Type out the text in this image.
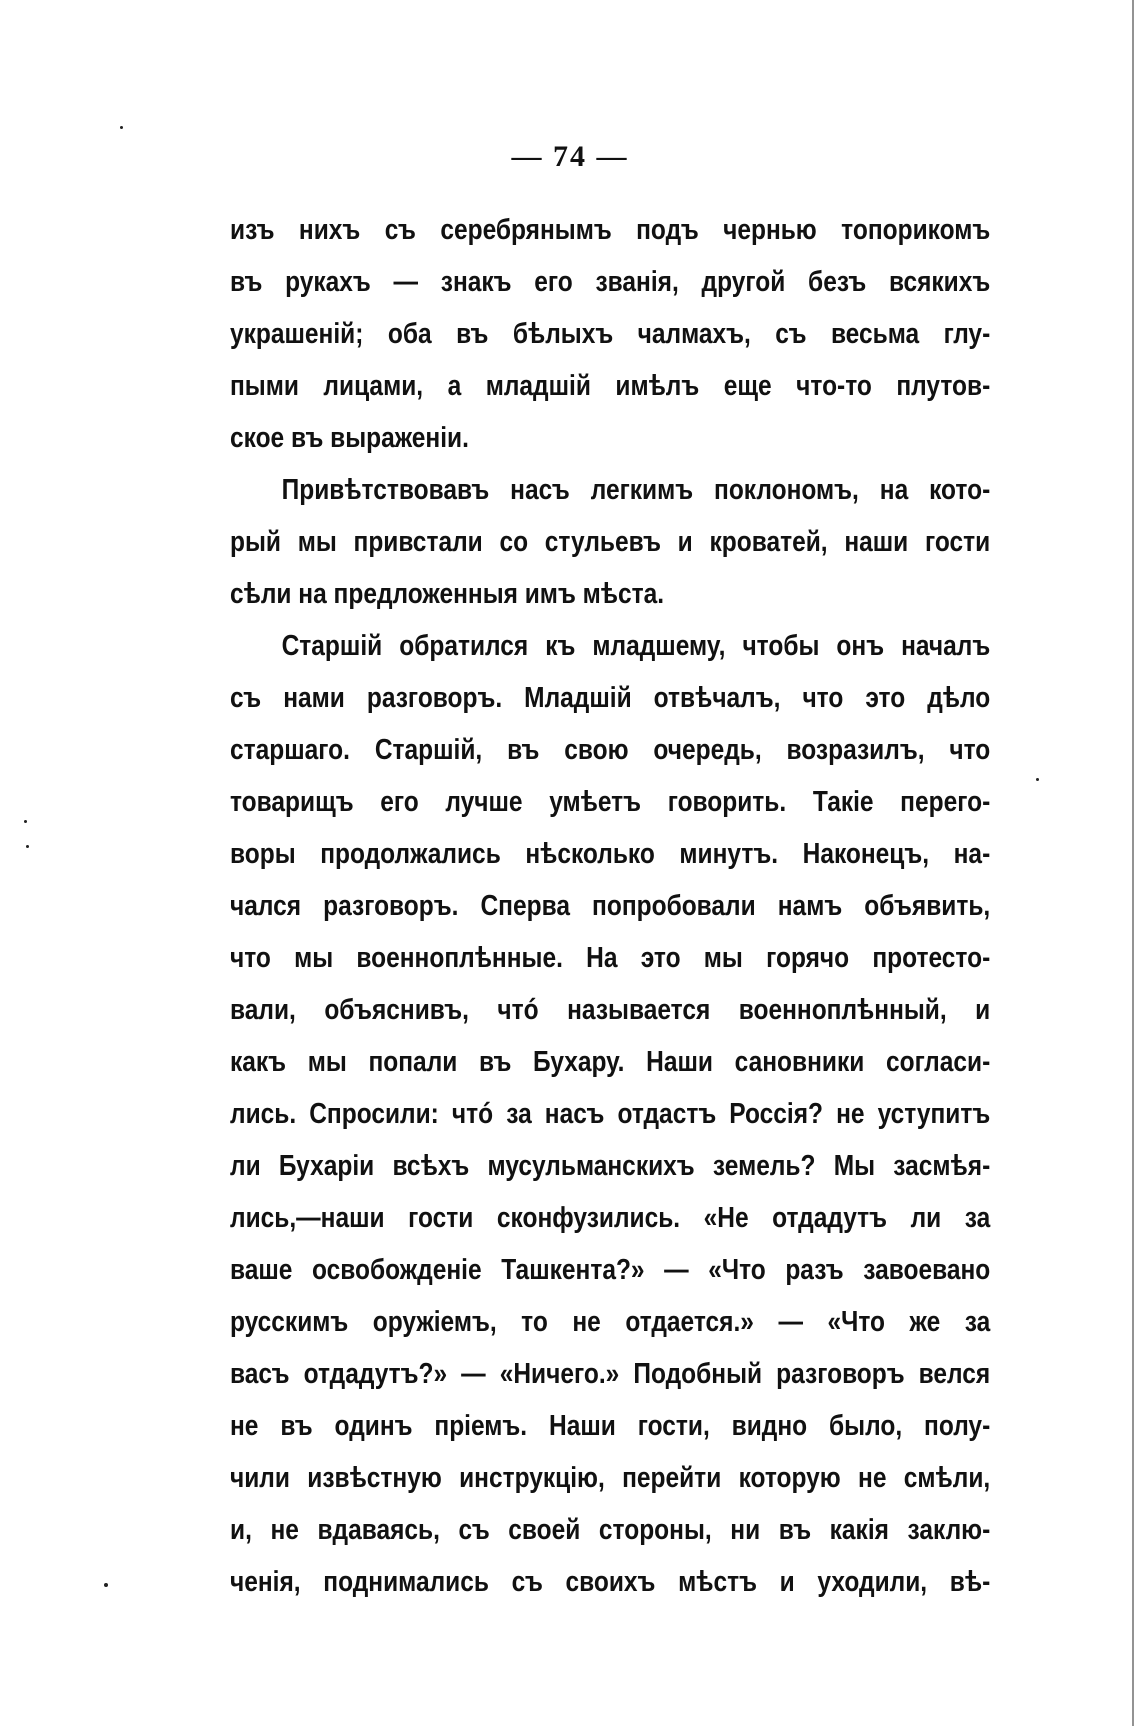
— 74 —
изъ нихъ съ серебрянымъ подъ чернью топорикомъ
въ рукахъ — знакъ его званія, другой безъ всякихъ
украшеній; оба въ бѣлыхъ чалмахъ, съ весьма глу-
пыми лицами, а младшій имѣлъ еще что-то плутов-
ское въ выраженіи.
Привѣтствовавъ насъ легкимъ поклономъ, на кото-
рый мы привстали со стульевъ и кроватей, наши гости
сѣли на предложенныя имъ мѣста.
Старшій обратился къ младшему, чтобы онъ началъ
съ нами разговоръ. Младшій отвѣчалъ, что это дѣло
старшаго. Старшій, въ свою очередь, возразилъ, что
товарищъ его лучше умѣетъ говорить. Такіе перего-
воры продолжались нѣсколько минутъ. Наконецъ, на-
чался разговоръ. Сперва попробовали намъ объявить,
что мы военноплѣнные. На это мы горячо протесто-
вали, объяснивъ, чтó называется военноплѣнный, и
какъ мы попали въ Бухару. Наши сановники согласи-
лись. Спросили: чтó за насъ отдастъ Россія? не уступитъ
ли Бухаріи всѣхъ мусульманскихъ земель? Мы засмѣя-
лись,—наши гости сконфузились. «Не отдадутъ ли за
ваше освобожденіе Ташкента?» — «Что разъ завоевано
русскимъ оружіемъ, то не отдается.» — «Что же за
васъ отдадутъ?» — «Ничего.» Подобный разговоръ велся
не въ одинъ пріемъ. Наши гости, видно было, полу-
чили извѣстную инструкцію, перейти которую не смѣли,
и, не вдаваясь, съ своей стороны, ни въ какія заклю-
ченія, поднимались съ своихъ мѣстъ и уходили, вѣ-
